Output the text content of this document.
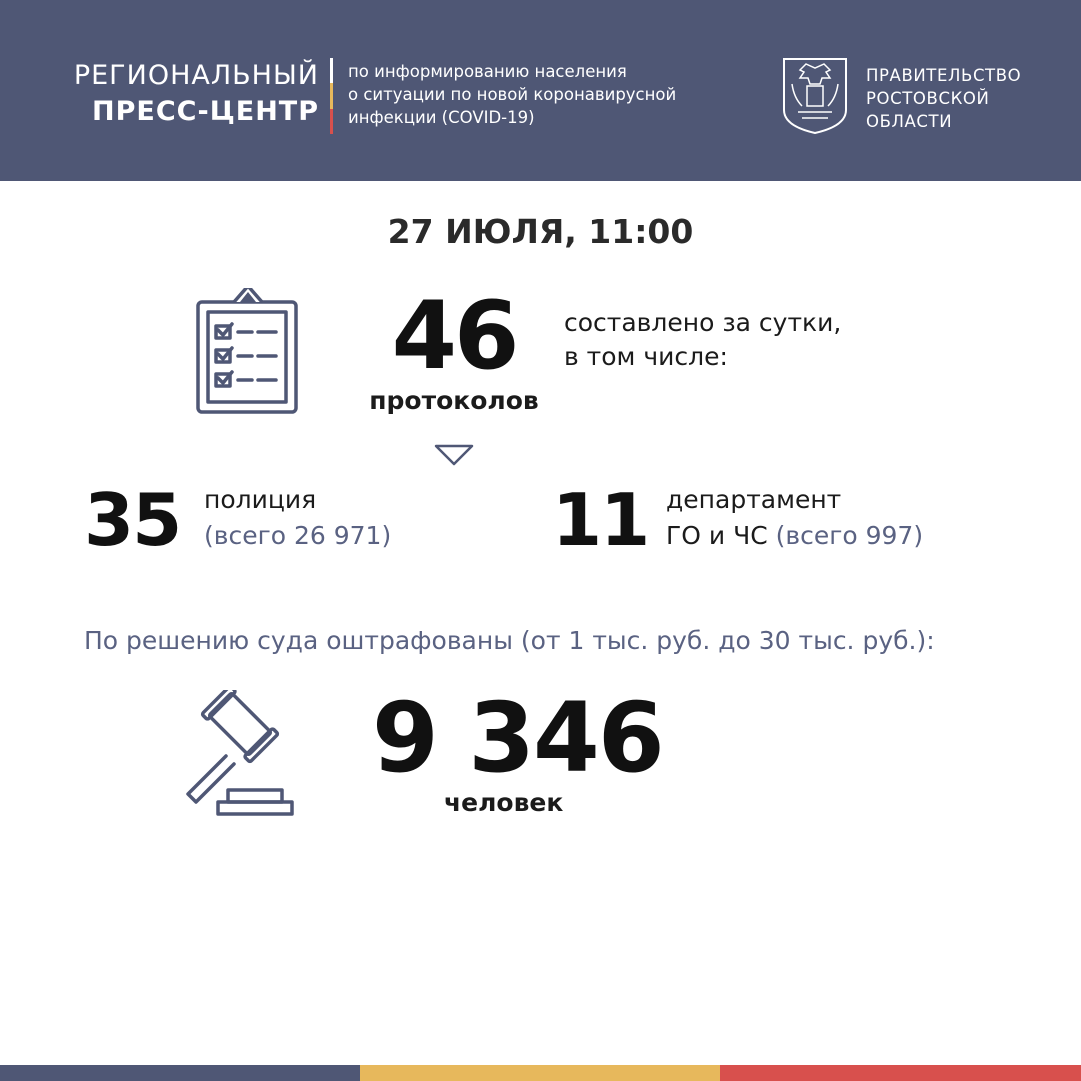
РЕГИОНАЛЬНЫЙ
ПРЕСС-ЦЕНТР
по информированию населения
о ситуации по новой коронавирусной
инфекции (COVID-19)
ПРАВИТЕЛЬСТВО
РОСТОВСКОЙ
ОБЛАСТИ
27 ИЮЛЯ, 11:00
46
протоколов
составлено за сутки,
в том числе:
35 полиция
(всего 26 971) 11 департамент
ГО и ЧС (всего 997)
По решению суда оштрафованы (от 1 тыс. руб. до 30 тыс. руб.):
9 346
человек
